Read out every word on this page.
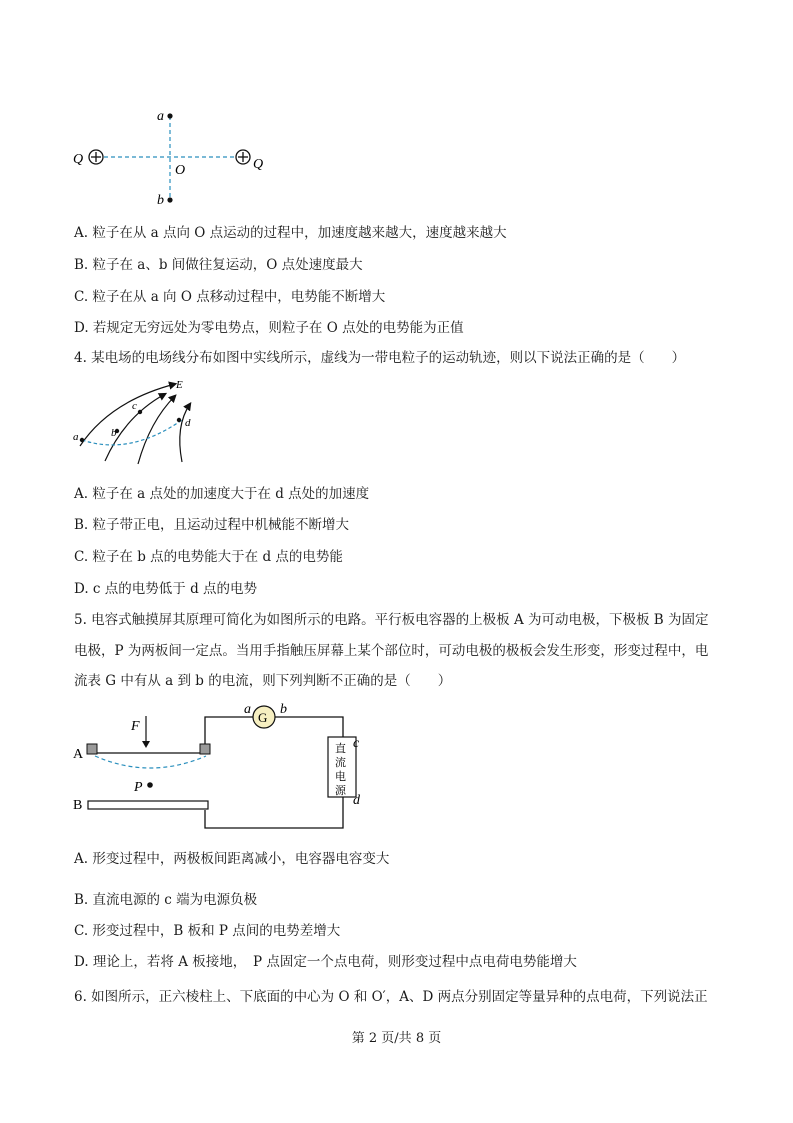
a
b
O
Q	Q
A. 粒子在从 a 点向 O 点运动的过程中，加速度越来越大，速度越来越大
B. 粒子在 a、b 间做往复运动，O 点处速度最大
C. 粒子在从 a 向 O 点移动过程中，电势能不断增大
D. 若规定无穷远处为零电势点，则粒子在 O 点处的电势能为正值
4. 某电场的电场线分布如图中实线所示，虚线为一带电粒子的运动轨迹，则以下说法正确的是（　　）
E
a	b
c
d
A. 粒子在 a 点处的加速度大于在 d 点处的加速度
B. 粒子带正电，且运动过程中机械能不断增大
C. 粒子在 b 点的电势能大于在 d 点的电势能
D. c 点的电势低于 d 点的电势
5. 电容式触摸屏其原理可简化为如图所示的电路。平行板电容器的上极板 A 为可动电极，下极板 B 为固定
电极，P 为两板间一定点。当用手指触压屏幕上某个部位时，可动电极的极板会发生形变，形变过程中，电
流表 G 中有从 a 到 b 的电流，则下列判断不正确的是（　　）
G
a b
直
流
电
源
c
d
F
A
B
P
A. 形变过程中，两极板间距离减小，电容器电容变大
B. 直流电源的 c 端为电源负极
C. 形变过程中，B 板和 P 点间的电势差增大
D. 理论上，若将 A 板接地，　P 点固定一个点电荷，则形变过程中点电荷电势能增大
6. 如图所示，正六棱柱上、下底面的中心为 O 和 O′，A、D 两点分别固定等量异种的点电荷，下列说法正
第 2 页/共 8 页
